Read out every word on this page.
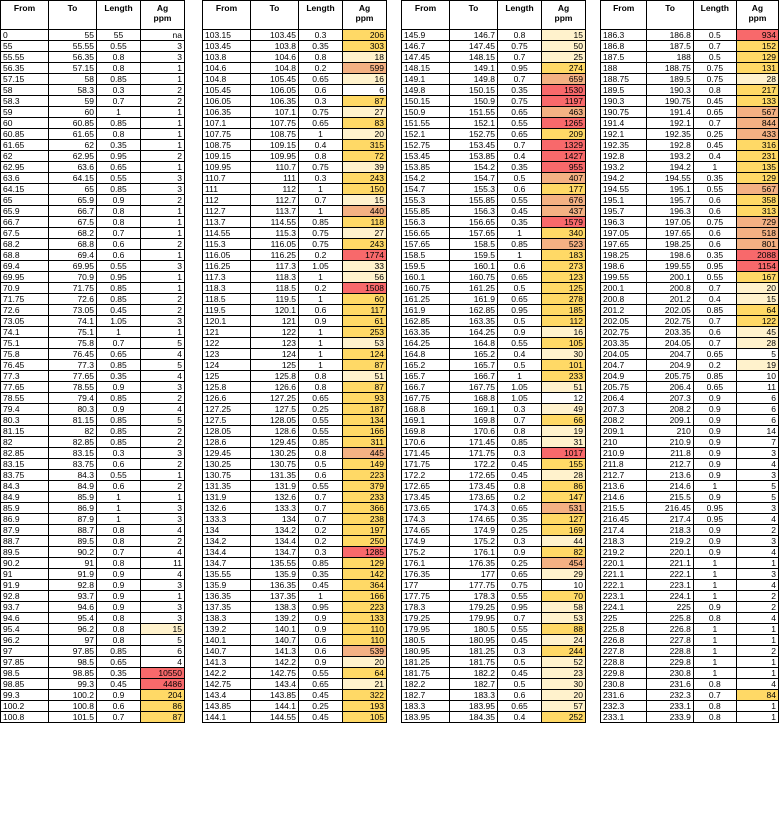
From	To	Length	Ag
ppm
0	55	55	na
55	55.55	0.55	3
55.55	56.35	0.8	3
56.35	57.15	0.8	1
57.15	58	0.85	1
58	58.3	0.3	2
58.3	59	0.7	2
59	60	1	1
60	60.85	0.85	1
60.85	61.65	0.8	1
61.65	62	0.35	1
62	62.95	0.95	2
62.95	63.6	0.65	1
63.6	64.15	0.55	3
64.15	65	0.85	3
65	65.9	0.9	2
65.9	66.7	0.8	1
66.7	67.5	0.8	1
67.5	68.2	0.7	1
68.2	68.8	0.6	2
68.8	69.4	0.6	1
69.4	69.95	0.55	3
69.95	70.9	0.95	1
70.9	71.75	0.85	1
71.75	72.6	0.85	2
72.6	73.05	0.45	2
73.05	74.1	1.05	3
74.1	75.1	1	1
75.1	75.8	0.7	5
75.8	76.45	0.65	4
76.45	77.3	0.85	5
77.3	77.65	0.35	4
77.65	78.55	0.9	3
78.55	79.4	0.85	2
79.4	80.3	0.9	4
80.3	81.15	0.85	5
81.15	82	0.85	2
82	82.85	0.85	2
82.85	83.15	0.3	3
83.15	83.75	0.6	2
83.75	84.3	0.55	1
84.3	84.9	0.6	2
84.9	85.9	1	1
85.9	86.9	1	3
86.9	87.9	1	3
87.9	88.7	0.8	4
88.7	89.5	0.8	2
89.5	90.2	0.7	4
90.2	91	0.8	11
91	91.9	0.9	4
91.9	92.8	0.9	3
92.8	93.7	0.9	1
93.7	94.6	0.9	3
94.6	95.4	0.8	3
95.4	96.2	0.8	15
96.2	97	0.8	5
97	97.85	0.85	6
97.85	98.5	0.65	4
98.5	98.85	0.35	10550
98.85	99.3	0.45	4486
99.3	100.2	0.9	204
100.2	100.8	0.6	86
100.8	101.5	0.7	87
From	To	Length	Ag
ppm
103.15	103.45	0.3	206
103.45	103.8	0.35	303
103.8	104.6	0.8	18
104.6	104.8	0.2	599
104.8	105.45	0.65	16
105.45	106.05	0.6	6
106.05	106.35	0.3	87
106.35	107.1	0.75	27
107.1	107.75	0.65	83
107.75	108.75	1	20
108.75	109.15	0.4	315
109.15	109.95	0.8	72
109.95	110.7	0.75	39
110.7	111	0.3	243
111	112	1	150
112	112.7	0.7	15
112.7	113.7	1	440
113.7	114.55	0.85	118
114.55	115.3	0.75	27
115.3	116.05	0.75	243
116.05	116.25	0.2	1774
116.25	117.3	1.05	33
117.3	118.3	1	56
118.3	118.5	0.2	1508
118.5	119.5	1	60
119.5	120.1	0.6	117
120.1	121	0.9	61
121	122	1	253
122	123	1	53
123	124	1	124
124	125	1	87
125	125.8	0.8	51
125.8	126.6	0.8	87
126.6	127.25	0.65	93
127.25	127.5	0.25	187
127.5	128.05	0.55	134
128.05	128.6	0.55	166
128.6	129.45	0.85	311
129.45	130.25	0.8	445
130.25	130.75	0.5	149
130.75	131.35	0.6	223
131.35	131.9	0.55	379
131.9	132.6	0.7	233
132.6	133.3	0.7	366
133.3	134	0.7	238
134	134.2	0.2	197
134.2	134.4	0.2	250
134.4	134.7	0.3	1285
134.7	135.55	0.85	129
135.55	135.9	0.35	142
135.9	136.35	0.45	364
136.35	137.35	1	166
137.35	138.3	0.95	223
138.3	139.2	0.9	133
139.2	140.1	0.9	110
140.1	140.7	0.6	110
140.7	141.3	0.6	539
141.3	142.2	0.9	20
142.2	142.75	0.55	64
142.75	143.4	0.65	21
143.4	143.85	0.45	322
143.85	144.1	0.25	193
144.1	144.55	0.45	105
From	To	Length	Ag
ppm
145.9	146.7	0.8	15
146.7	147.45	0.75	50
147.45	148.15	0.7	25
148.15	149.1	0.95	274
149.1	149.8	0.7	659
149.8	150.15	0.35	1530
150.15	150.9	0.75	1197
150.9	151.55	0.65	463
151.55	152.1	0.55	1265
152.1	152.75	0.65	209
152.75	153.45	0.7	1329
153.45	153.85	0.4	1427
153.85	154.2	0.35	955
154.2	154.7	0.5	407
154.7	155.3	0.6	177
155.3	155.85	0.55	676
155.85	156.3	0.45	437
156.3	156.65	0.35	1579
156.65	157.65	1	340
157.65	158.5	0.85	523
158.5	159.5	1	183
159.5	160.1	0.6	273
160.1	160.75	0.65	123
160.75	161.25	0.5	125
161.25	161.9	0.65	278
161.9	162.85	0.95	185
162.85	163.35	0.5	112
163.35	164.25	0.9	16
164.25	164.8	0.55	105
164.8	165.2	0.4	30
165.2	165.7	0.5	101
165.7	166.7	1	233
166.7	167.75	1.05	51
167.75	168.8	1.05	12
168.8	169.1	0.3	49
169.1	169.8	0.7	66
169.8	170.6	0.8	19
170.6	171.45	0.85	31
171.45	171.75	0.3	1017
171.75	172.2	0.45	155
172.2	172.65	0.45	28
172.65	173.45	0.8	86
173.45	173.65	0.2	147
173.65	174.3	0.65	531
174.3	174.65	0.35	127
174.65	174.9	0.25	169
174.9	175.2	0.3	44
175.2	176.1	0.9	82
176.1	176.35	0.25	454
176.35	177	0.65	29
177	177.75	0.75	10
177.75	178.3	0.55	70
178.3	179.25	0.95	58
179.25	179.95	0.7	53
179.95	180.5	0.55	88
180.5	180.95	0.45	24
180.95	181.25	0.3	244
181.25	181.75	0.5	52
181.75	182.2	0.45	23
182.2	182.7	0.5	30
182.7	183.3	0.6	20
183.3	183.95	0.65	57
183.95	184.35	0.4	252
From	To	Length	Ag
ppm
186.3	186.8	0.5	934
186.8	187.5	0.7	152
187.5	188	0.5	129
188	188.75	0.75	131
188.75	189.5	0.75	28
189.5	190.3	0.8	217
190.3	190.75	0.45	133
190.75	191.4	0.65	567
191.4	192.1	0.7	844
192.1	192.35	0.25	433
192.35	192.8	0.45	316
192.8	193.2	0.4	231
193.2	194.2	1	135
194.2	194.55	0.35	129
194.55	195.1	0.55	567
195.1	195.7	0.6	358
195.7	196.3	0.6	313
196.3	197.05	0.75	729
197.05	197.65	0.6	518
197.65	198.25	0.6	801
198.25	198.6	0.35	2088
198.6	199.55	0.95	1154
199.55	200.1	0.55	167
200.1	200.8	0.7	20
200.8	201.2	0.4	15
201.2	202.05	0.85	64
202.05	202.75	0.7	122
202.75	203.35	0.6	45
203.35	204.05	0.7	28
204.05	204.7	0.65	5
204.7	204.9	0.2	19
204.9	205.75	0.85	10
205.75	206.4	0.65	11
206.4	207.3	0.9	6
207.3	208.2	0.9	6
208.2	209.1	0.9	6
209.1	210	0.9	14
210	210.9	0.9	7
210.9	211.8	0.9	3
211.8	212.7	0.9	4
212.7	213.6	0.9	3
213.6	214.6	1	5
214.6	215.5	0.9	5
215.5	216.45	0.95	3
216.45	217.4	0.95	4
217.4	218.3	0.9	2
218.3	219.2	0.9	3
219.2	220.1	0.9	4
220.1	221.1	1	1
221.1	222.1	1	3
222.1	223.1	1	4
223.1	224.1	1	2
224.1	225	0.9	2
225	225.8	0.8	4
225.8	226.8	1	1
226.8	227.8	1	1
227.8	228.8	1	2
228.8	229.8	1	1
229.8	230.8	1	1
230.8	231.6	0.8	4
231.6	232.3	0.7	84
232.3	233.1	0.8	1
233.1	233.9	0.8	1
